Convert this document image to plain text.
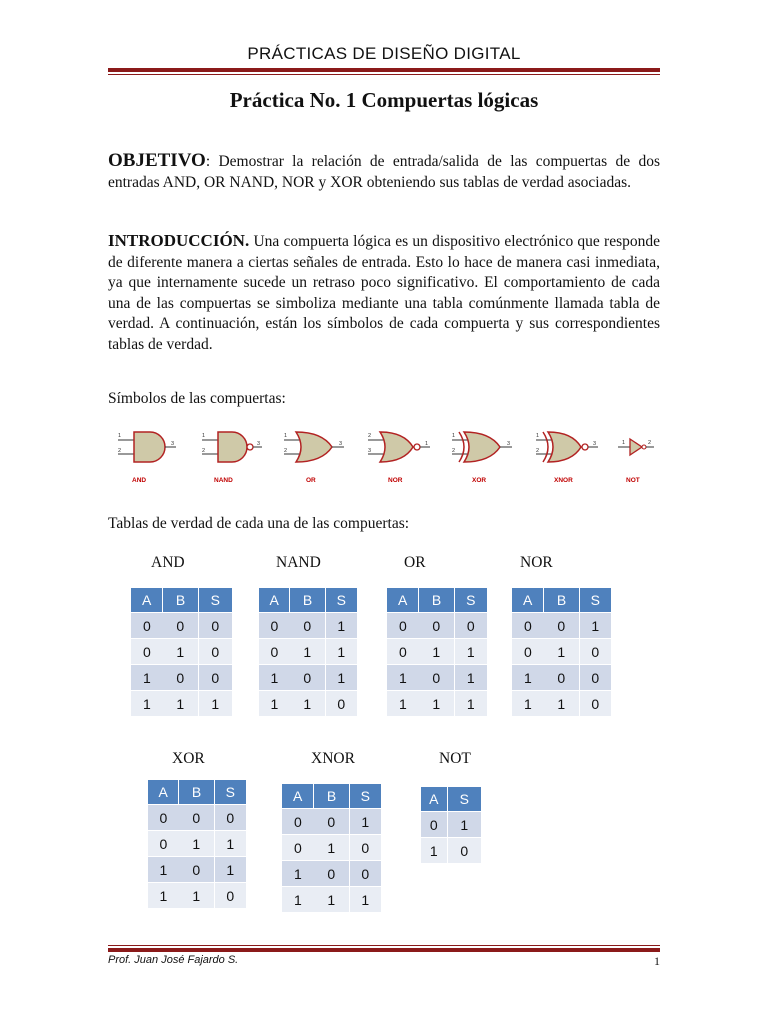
PRÁCTICAS DE DISEÑO DIGITAL
Práctica No. 1 Compuertas lógicas
OBJETIVO: Demostrar la relación de entrada/salida de las compuertas de dos entradas AND, OR NAND, NOR y XOR obteniendo sus tablas de verdad asociadas.
INTRODUCCIÓN. Una compuerta lógica es un dispositivo electrónico que responde de diferente manera a ciertas señales de entrada. Esto lo hace de manera casi inmediata, ya que internamente sucede un retraso poco significativo. El comportamiento de cada una de las compuertas se simboliza mediante una tabla comúnmente llamada tabla de verdad. A continuación, están los símbolos de cada compuerta y sus correspondientes tablas de verdad.
Símbolos de las compuertas:
1
2
3
AND
1
2
3
NAND
1
2
3
OR
2
3
1
NOR
1
2
3
XOR
1
2
3
XNOR
1	2
NOT
Tablas de verdad de cada una de las compuertas:
AND	NAND	OR	NOR
A	B	S
0	0	0
0	1	0
1	0	0
1	1	1
A	B	S
0	0	1
0	1	1
1	0	1
1	1	0
A	B	S
0	0	0
0	1	1
1	0	1
1	1	1
A	B	S
0	0	1
0	1	0
1	0	0
1	1	0
XOR	XNOR	NOT
A	B	S
0	0	0
0	1	1
1	0	1
1	1	0
A	B	S
0	0	1
0	1	0
1	0	0
1	1	1
A	S
0	1
1	0
Prof. Juan José Fajardo S.	1
